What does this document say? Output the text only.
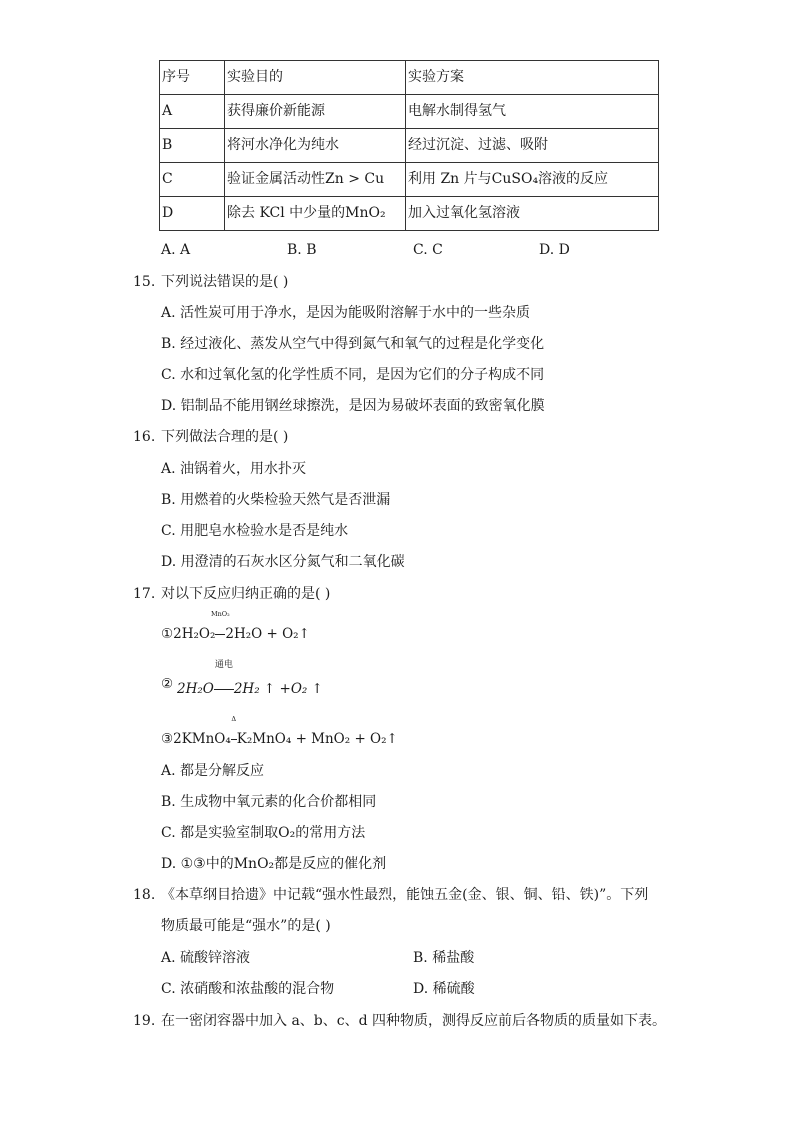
序号	实验目的	实验方案
A	获得廉价新能源	电解水制得氢气
B	将河水净化为纯水	经过沉淀、过滤、吸附
C	验证金属活动性Zn > Cu	利用 Zn 片与CuSO₄溶液的反应
D	除去 KCl 中少量的MnO₂	加入过氧化氢溶液
A. A	B. B	C. C	D. D
15. 下列说法错误的是( )
A. 活性炭可用于净水，是因为能吸附溶解于水中的一些杂质
B. 经过液化、蒸发从空气中得到氮气和氧气的过程是化学变化
C. 水和过氧化氢的化学性质不同，是因为它们的分子构成不同
D. 铝制品不能用钢丝球擦洗，是因为易破坏表面的致密氧化膜
16. 下列做法合理的是( )
A. 油锅着火，用水扑灭
B. 用燃着的火柴检验天然气是否泄漏
C. 用肥皂水检验水是否是纯水
D. 用澄清的石灰水区分氮气和二氧化碳
17. 对以下反应归纳正确的是( )
①2H₂O₂
MnO₂
2H₂O + O₂↑
② 2H₂O
通电
2H₂ ↑ +O₂ ↑
③2KMnO₄
Δ
K₂MnO₄ + MnO₂ + O₂↑
A. 都是分解反应
B. 生成物中氧元素的化合价都相同
C. 都是实验室制取O₂的常用方法
D. ①③中的MnO₂都是反应的催化剂
18. 《本草纲目拾遗》中记载“强水性最烈，能蚀五金(金、银、铜、铅、铁)”。下列
物质最可能是“强水”的是( )
A. 硫酸锌溶液	B. 稀盐酸
C. 浓硝酸和浓盐酸的混合物	D. 稀硫酸
19. 在一密闭容器中加入 a、b、c、d 四种物质，测得反应前后各物质的质量如下表。
